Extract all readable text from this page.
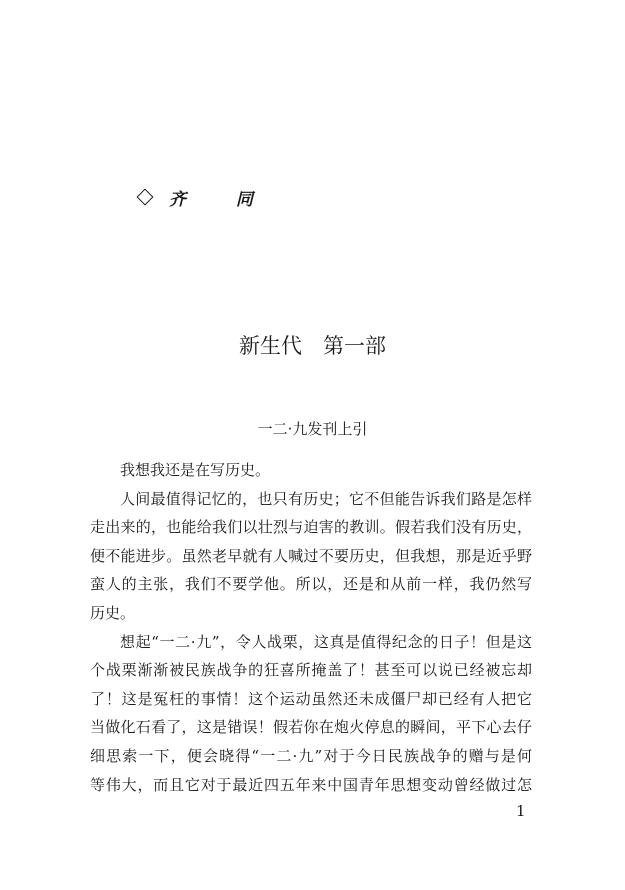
齐 同
新生代　第一部
一二·九发刊上引
我想我还是在写历史。
人间最值得记忆的，也只有历史；它不但能告诉我们路是怎样
走出来的，也能给我们以壮烈与迫害的教训。假若我们没有历史，
便不能进步。虽然老早就有人喊过不要历史，但我想，那是近乎野
蛮人的主张，我们不要学他。所以，还是和从前一样，我仍然写
历史。
想起“一二·九”，令人战栗，这真是值得纪念的日子！但是这
个战栗渐渐被民族战争的狂喜所掩盖了！甚至可以说已经被忘却
了！这是冤枉的事情！这个运动虽然还未成僵尸却已经有人把它
当做化石看了，这是错误！假若你在炮火停息的瞬间，平下心去仔
细思索一下，便会晓得“一二·九”对于今日民族战争的赠与是何
等伟大，而且它对于最近四五年来中国青年思想变动曾经做过怎
1
